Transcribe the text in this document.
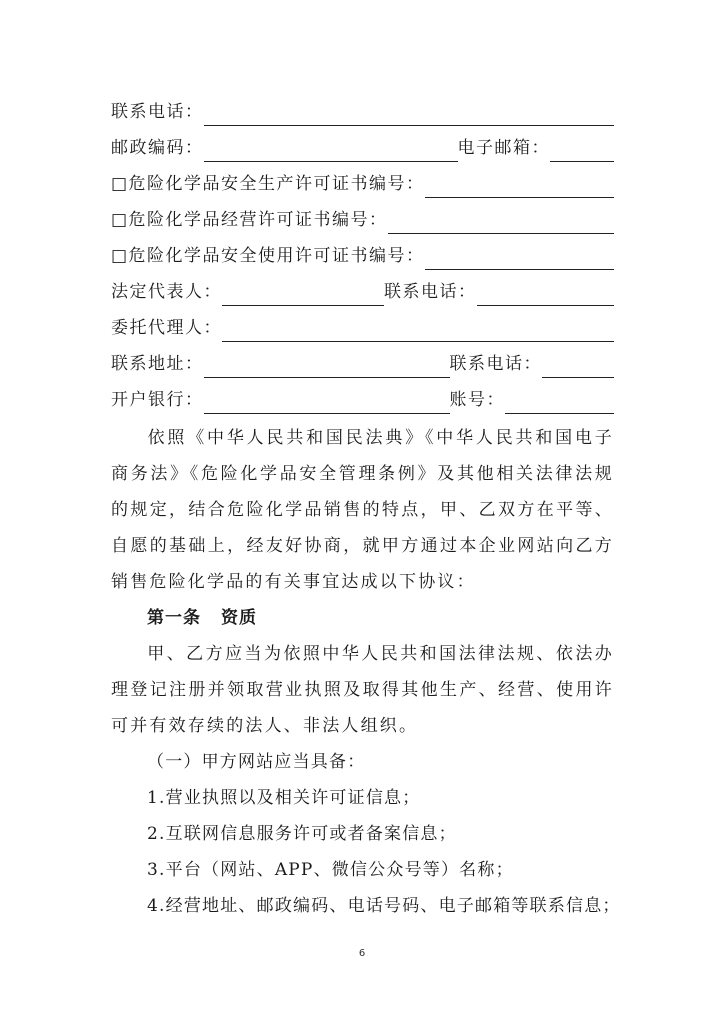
联系电话：
邮政编码：	电子邮箱：
□危险化学品安全生产许可证书编号：
□危险化学品经营许可证书编号：
□危险化学品安全使用许可证书编号：
法定代表人：	联系电话：
委托代理人：
联系地址：	联系电话：
开户银行：	账号：
依照《中华人民共和国民法典》《中华人民共和国电子商务法》《危险化学品安全管理条例》及其他相关法律法规的规定，结合危险化学品销售的特点，甲、乙双方在平等、自愿的基础上，经友好协商，就甲方通过本企业网站向乙方销售危险化学品的有关事宜达成以下协议：
第一条 资质
甲、乙方应当为依照中华人民共和国法律法规、依法办理登记注册并领取营业执照及取得其他生产、经营、使用许可并有效存续的法人、非法人组织。
（一）甲方网站应当具备：
1.营业执照以及相关许可证信息；
2.互联网信息服务许可或者备案信息；
3.平台（网站、APP、微信公众号等）名称；
4.经营地址、邮政编码、电话号码、电子邮箱等联系信息；
6
